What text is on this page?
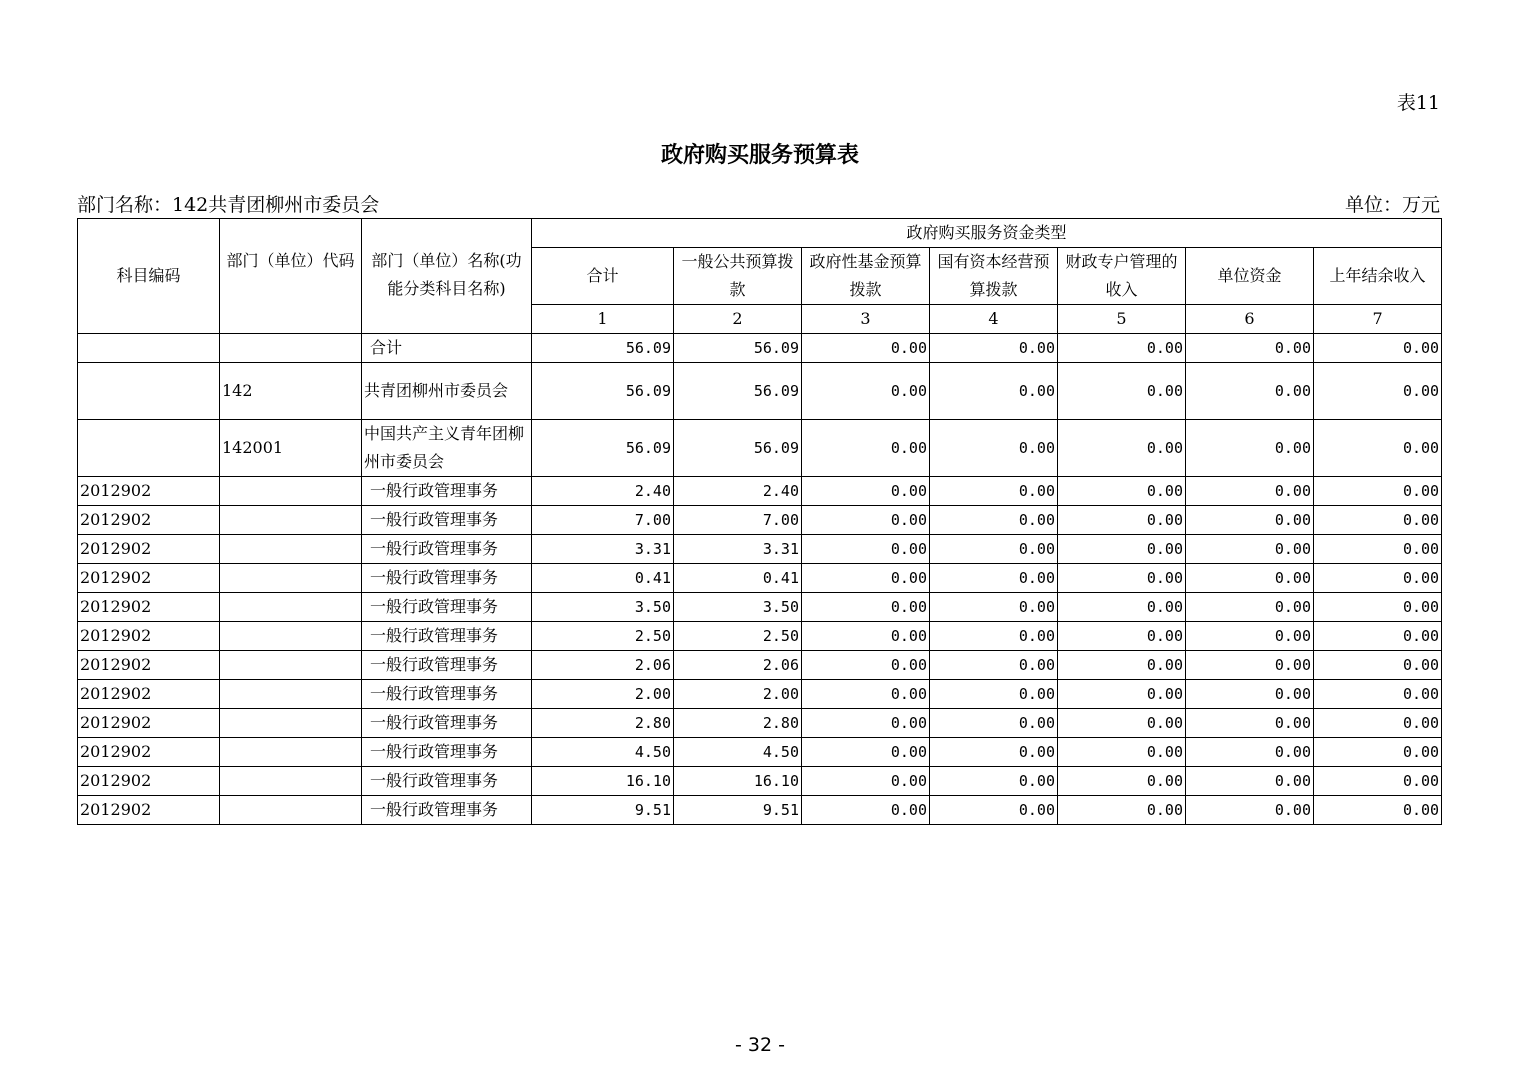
表11
政府购买服务预算表
部门名称：142共青团柳州市委员会	单位：万元
科目编码	部门（单位）代码	部门（单位）名称(功能分类科目名称)	政府购买服务资金类型						
			合计	一般公共预算拨款	政府性基金预算拨款	国有资本经营预算拨款	财政专户管理的收入	单位资金	上年结余收入
			1	2	3	4	5	6	7
		合计	56.09	56.09	0.00	0.00	0.00	0.00	0.00
	142	共青团柳州市委员会	56.09	56.09	0.00	0.00	0.00	0.00	0.00
	142001	中国共产主义青年团柳州市委员会	56.09	56.09	0.00	0.00	0.00	0.00	0.00
2012902		一般行政管理事务	2.40	2.40	0.00	0.00	0.00	0.00	0.00
2012902		一般行政管理事务	7.00	7.00	0.00	0.00	0.00	0.00	0.00
2012902		一般行政管理事务	3.31	3.31	0.00	0.00	0.00	0.00	0.00
2012902		一般行政管理事务	0.41	0.41	0.00	0.00	0.00	0.00	0.00
2012902		一般行政管理事务	3.50	3.50	0.00	0.00	0.00	0.00	0.00
2012902		一般行政管理事务	2.50	2.50	0.00	0.00	0.00	0.00	0.00
2012902		一般行政管理事务	2.06	2.06	0.00	0.00	0.00	0.00	0.00
2012902		一般行政管理事务	2.00	2.00	0.00	0.00	0.00	0.00	0.00
2012902		一般行政管理事务	2.80	2.80	0.00	0.00	0.00	0.00	0.00
2012902		一般行政管理事务	4.50	4.50	0.00	0.00	0.00	0.00	0.00
2012902		一般行政管理事务	16.10	16.10	0.00	0.00	0.00	0.00	0.00
2012902		一般行政管理事务	9.51	9.51	0.00	0.00	0.00	0.00	0.00
- 32 -
